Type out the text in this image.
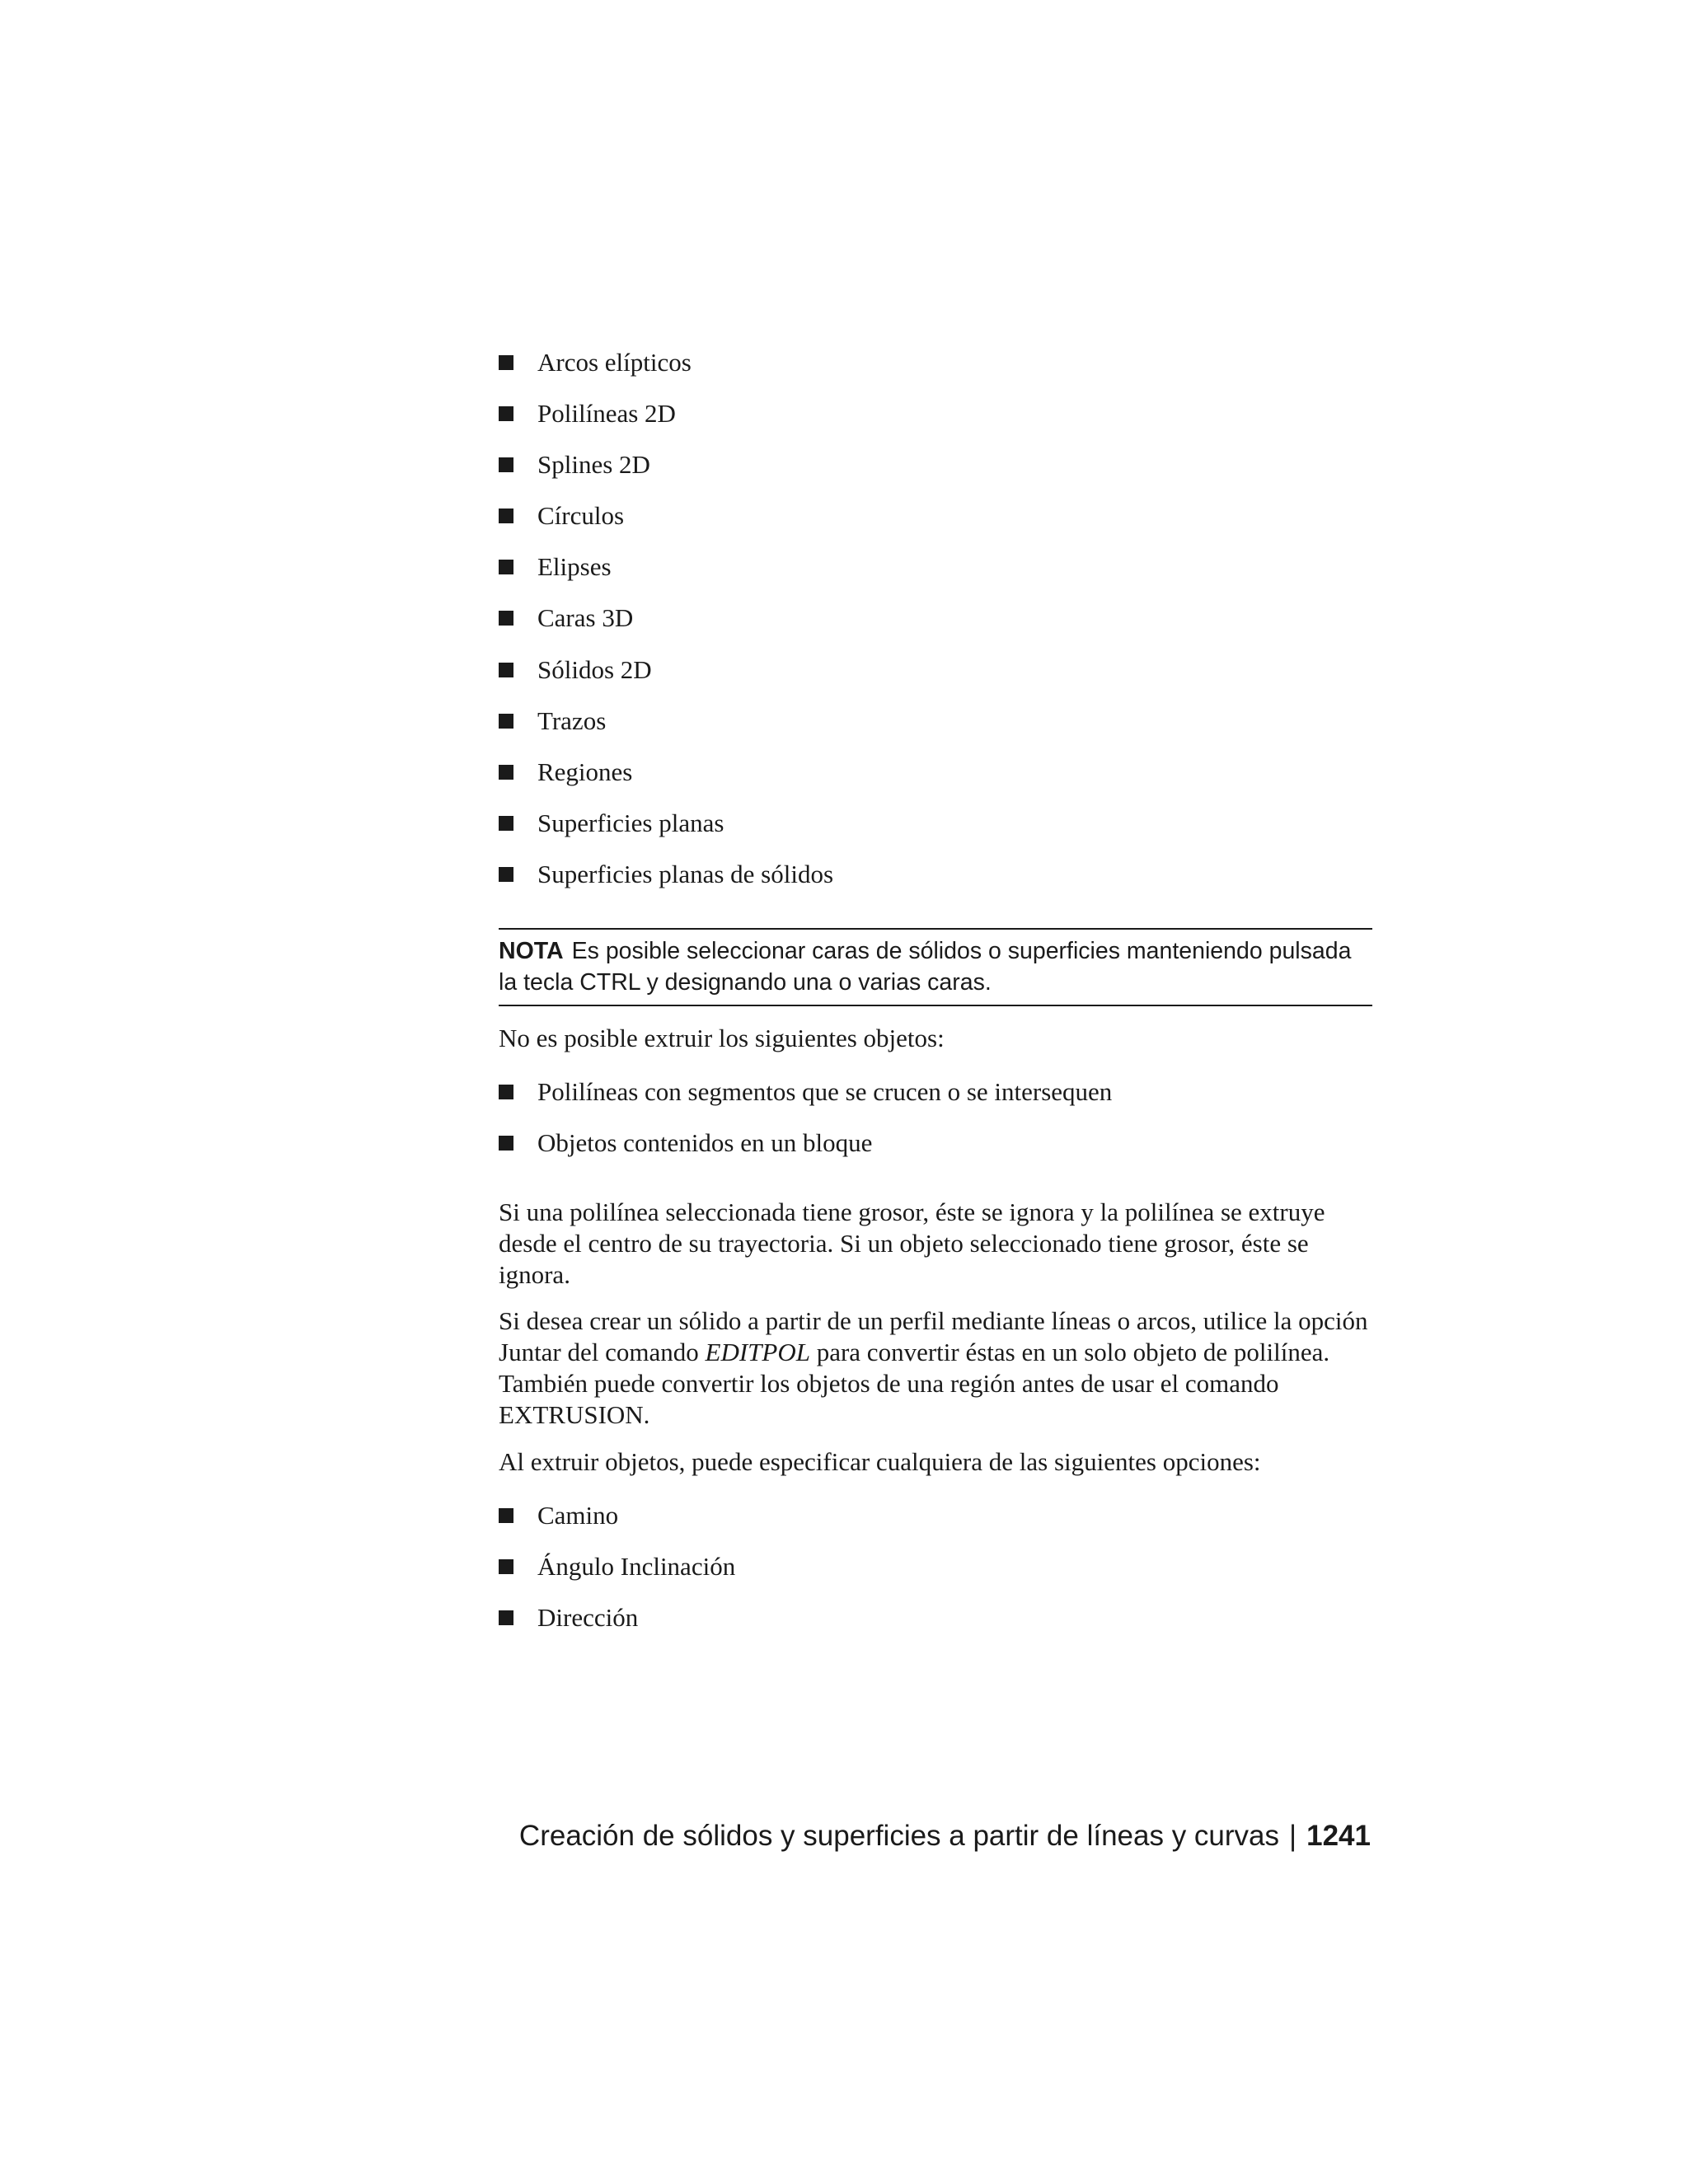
Arcos elípticos
Polilíneas 2D
Splines 2D
Círculos
Elipses
Caras 3D
Sólidos 2D
Trazos
Regiones
Superficies planas
Superficies planas de sólidos
NOTA Es posible seleccionar caras de sólidos o superficies manteniendo pulsada la tecla CTRL y designando una o varias caras.

No es posible extruir los siguientes objetos:

Polilíneas con segmentos que se crucen o se intersequen
Objetos contenidos en un bloque

Si una polilínea seleccionada tiene grosor, éste se ignora y la polilínea se extruye desde el centro de su trayectoria. Si un objeto seleccionado tiene grosor, éste se ignora.

Si desea crear un sólido a partir de un perfil mediante líneas o arcos, utilice la opción Juntar del comando EDITPOL para convertir éstas en un solo objeto de polilínea. También puede convertir los objetos de una región antes de usar el comando EXTRUSION.

Al extruir objetos, puede especificar cualquiera de las siguientes opciones:

Camino
Ángulo Inclinación
Dirección
Creación de sólidos y superficies a partir de líneas y curvas | 1241
